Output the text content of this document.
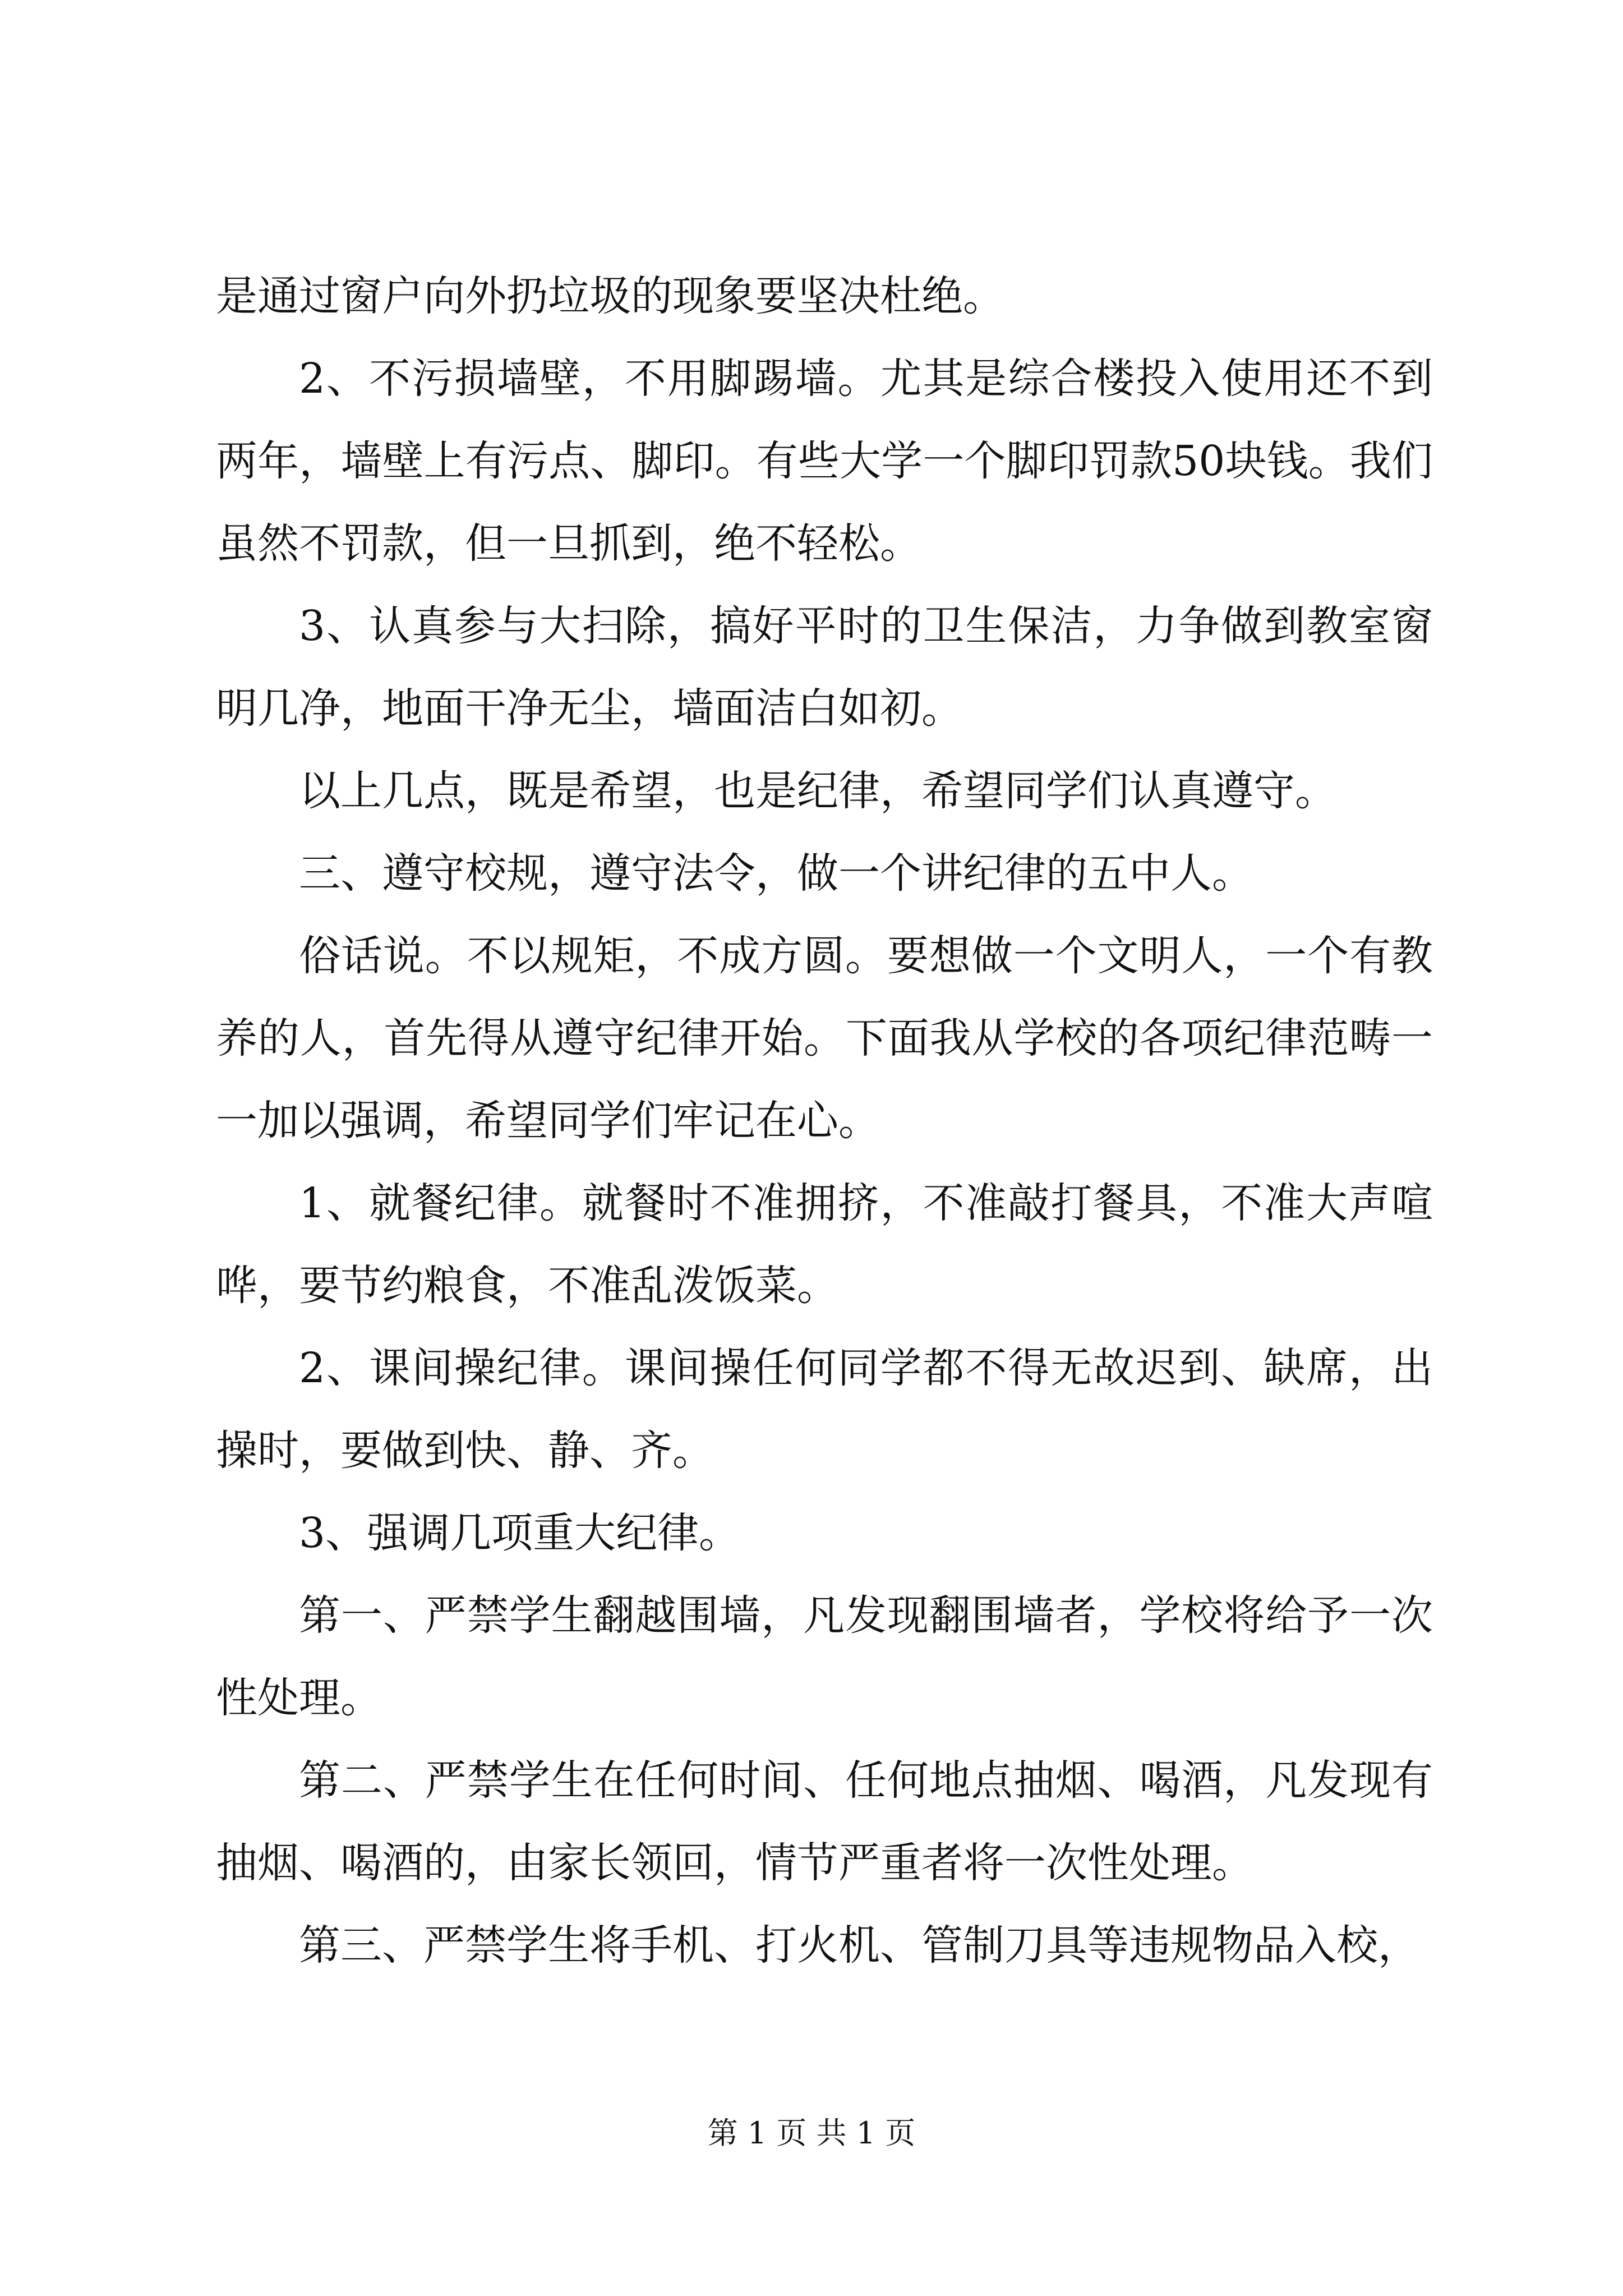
是通过窗户向外扔垃圾的现象要坚决杜绝。

2、不污损墙壁，不用脚踢墙。尤其是综合楼投入使用还不到两年，墙壁上有污点、脚印。有些大学一个脚印罚款50块钱。我们虽然不罚款，但一旦抓到，绝不轻松。

3、认真参与大扫除，搞好平时的卫生保洁，力争做到教室窗明几净，地面干净无尘，墙面洁白如初。

以上几点，既是希望，也是纪律，希望同学们认真遵守。

三、遵守校规，遵守法令，做一个讲纪律的五中人。

俗话说。不以规矩，不成方圆。要想做一个文明人，一个有教养的人，首先得从遵守纪律开始。下面我从学校的各项纪律范畴一一加以强调，希望同学们牢记在心。

1、就餐纪律。就餐时不准拥挤，不准敲打餐具，不准大声喧哗，要节约粮食，不准乱泼饭菜。

2、课间操纪律。课间操任何同学都不得无故迟到、缺席，出操时，要做到快、静、齐。

3、强调几项重大纪律。

第一、严禁学生翻越围墙，凡发现翻围墙者，学校将给予一次性处理。

第二、严禁学生在任何时间、任何地点抽烟、喝酒，凡发现有抽烟、喝酒的，由家长领回，情节严重者将一次性处理。

第三、严禁学生将手机、打火机、管制刀具等违规物品入校，

第 1 页 共 1 页
